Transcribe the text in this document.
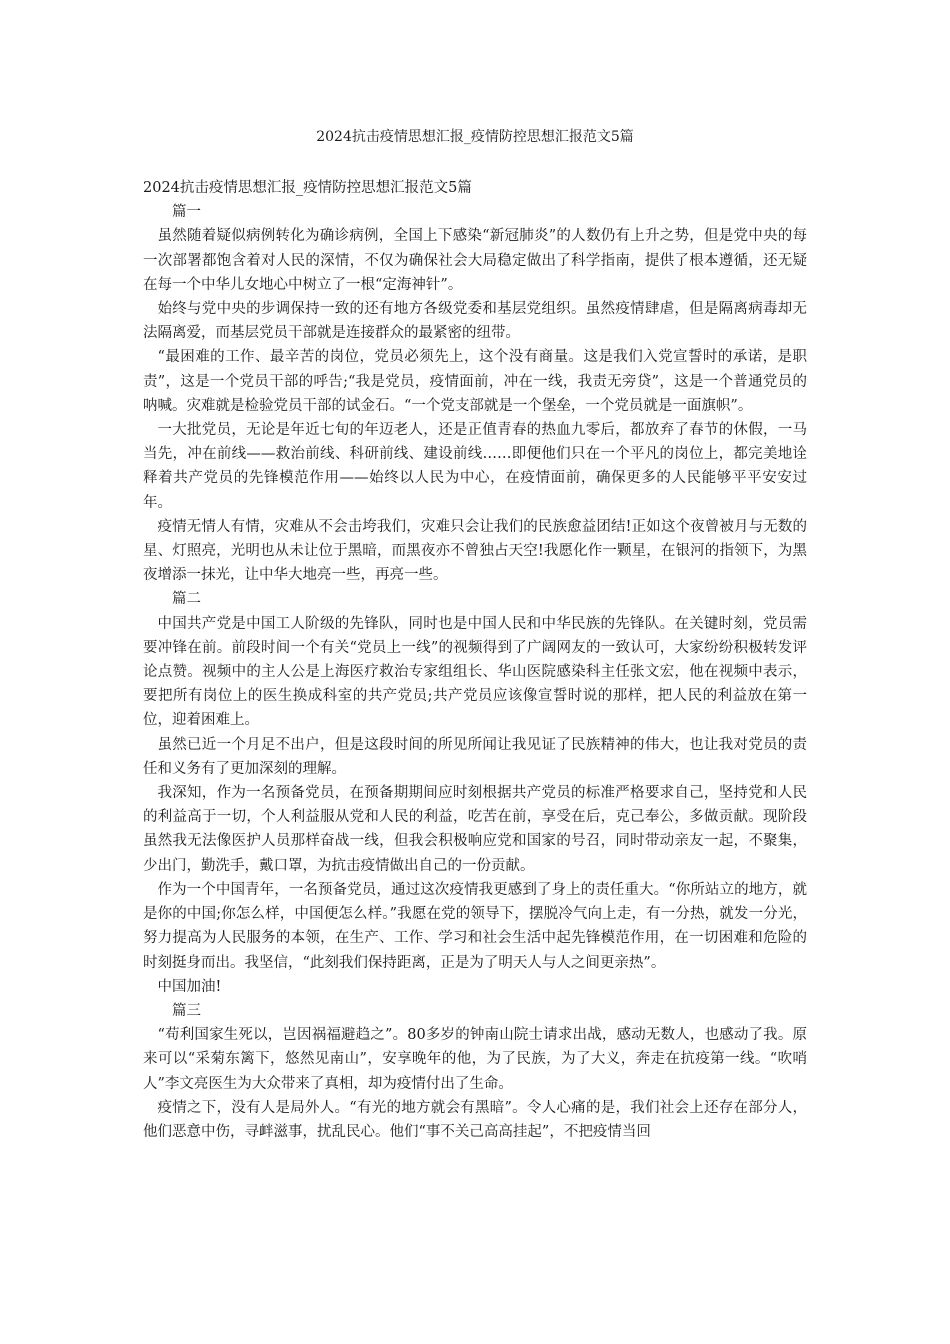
2024抗击疫情思想汇报_疫情防控思想汇报范文5篇

2024抗击疫情思想汇报_疫情防控思想汇报范文5篇

篇一

虽然随着疑似病例转化为确诊病例，全国上下感染“新冠肺炎”的人数仍有上升之势，但是党中央的每一次部署都饱含着对人民的深情，不仅为确保社会大局稳定做出了科学指南，提供了根本遵循，还无疑在每一个中华儿女地心中树立了一根“定海神针”。

始终与党中央的步调保持一致的还有地方各级党委和基层党组织。虽然疫情肆虐，但是隔离病毒却无法隔离爱，而基层党员干部就是连接群众的最紧密的纽带。

“最困难的工作、最辛苦的岗位，党员必须先上，这个没有商量。这是我们入党宣誓时的承诺，是职责”，这是一个党员干部的呼告;“我是党员，疫情面前，冲在一线，我责无旁贷”，这是一个普通党员的呐喊。灾难就是检验党员干部的试金石。“一个党支部就是一个堡垒，一个党员就是一面旗帜”。

一大批党员，无论是年近七旬的年迈老人，还是正值青春的热血九零后，都放弃了春节的休假，一马当先，冲在前线——救治前线、科研前线、建设前线……即便他们只在一个平凡的岗位上，都完美地诠释着共产党员的先锋模范作用——始终以人民为中心，在疫情面前，确保更多的人民能够平平安安过年。

疫情无情人有情，灾难从不会击垮我们，灾难只会让我们的民族愈益团结!正如这个夜曾被月与无数的星、灯照亮，光明也从未让位于黑暗，而黑夜亦不曾独占天空!我愿化作一颗星，在银河的指领下，为黑夜增添一抹光，让中华大地亮一些，再亮一些。

篇二

中国共产党是中国工人阶级的先锋队，同时也是中国人民和中华民族的先锋队。在关键时刻，党员需要冲锋在前。前段时间一个有关“党员上一线”的视频得到了广阔网友的一致认可，大家纷纷积极转发评论点赞。视频中的主人公是上海医疗救治专家组组长、华山医院感染科主任张文宏，他在视频中表示，要把所有岗位上的医生换成科室的共产党员;共产党员应该像宣誓时说的那样，把人民的利益放在第一位，迎着困难上。

虽然已近一个月足不出户，但是这段时间的所见所闻让我见证了民族精神的伟大，也让我对党员的责任和义务有了更加深刻的理解。

我深知，作为一名预备党员，在预备期期间应时刻根据共产党员的标准严格要求自己，坚持党和人民的利益高于一切，个人利益服从党和人民的利益，吃苦在前，享受在后，克己奉公，多做贡献。现阶段虽然我无法像医护人员那样奋战一线，但我会积极响应党和国家的号召，同时带动亲友一起，不聚集，少出门，勤洗手，戴口罩，为抗击疫情做出自己的一份贡献。

作为一个中国青年，一名预备党员，通过这次疫情我更感到了身上的责任重大。“你所站立的地方，就是你的中国;你怎么样，中国便怎么样。”我愿在党的领导下，摆脱冷气向上走，有一分热，就发一分光，努力提高为人民服务的本领，在生产、工作、学习和社会生活中起先锋模范作用，在一切困难和危险的时刻挺身而出。我坚信，“此刻我们保持距离，正是为了明天人与人之间更亲热”。

中国加油!

篇三

“苟利国家生死以，岂因祸福避趋之”。80多岁的钟南山院士请求出战，感动无数人，也感动了我。原来可以“采菊东篱下，悠然见南山”，安享晚年的他，为了民族，为了大义，奔走在抗疫第一线。“吹哨人”李文亮医生为大众带来了真相，却为疫情付出了生命。

疫情之下，没有人是局外人。“有光的地方就会有黑暗”。令人心痛的是，我们社会上还存在部分人，他们恶意中伤，寻衅滋事，扰乱民心。他们“事不关己高高挂起”，不把疫情当回
